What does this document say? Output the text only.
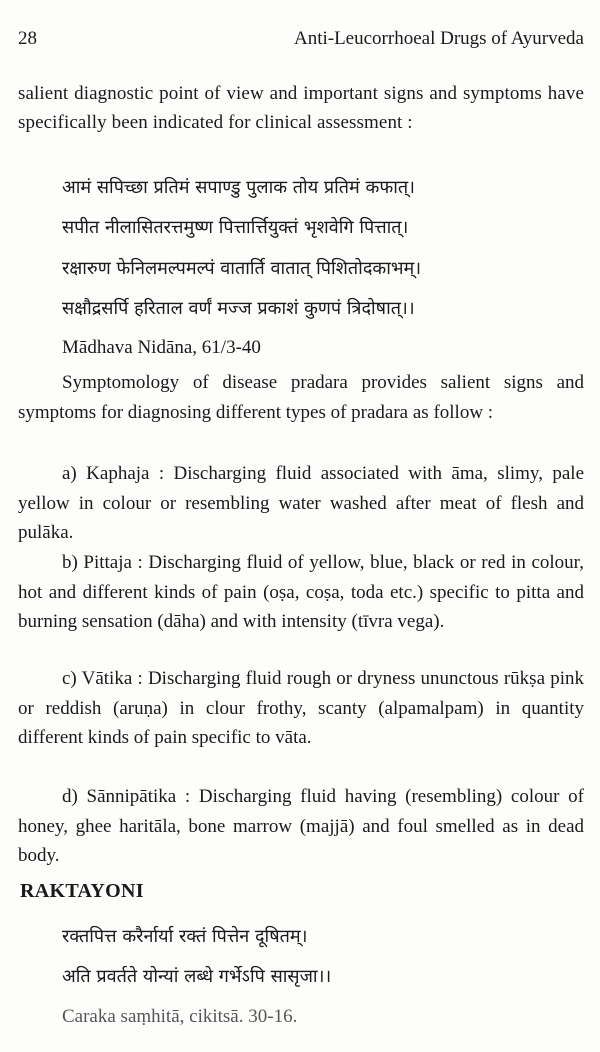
28	Anti-Leucorrhoeal Drugs of Ayurveda
salient diagnostic point of view and important signs and symptoms have specifically been indicated for clinical assessment :
आमं सपिच्छा प्रतिमं सपाण्डु पुलाक तोय प्रतिमं कफात्।
सपीत नीलासितरत्तमुष्ण पित्तार्त्तियुक्तं भृशवेगि पित्तात्।
रक्षारुण फेनिलमल्पमल्पं वातार्ति वातात् पिशितोदकाभम्।
सक्षौद्रसर्पि हरिताल वर्णं मज्ज प्रकाशं कुणपं त्रिदोषात्।।
Mādhava Nidāna, 61/3-40
Symptomology of disease pradara provides salient signs and symptoms for diagnosing different types of pradara as follow :
a) Kaphaja : Discharging fluid associated with āma, slimy, pale yellow in colour or resembling water washed after meat of flesh and pulāka.
b) Pittaja : Discharging fluid of yellow, blue, black or red in colour, hot and different kinds of pain (oṣa, coṣa, toda etc.) specific to pitta and burning sensation (dāha) and with intensity (tīvra vega).
c) Vātika : Discharging fluid rough or dryness ununctous rūkṣa pink or reddish (aruṇa) in clour frothy, scanty (alpamalpam) in quantity different kinds of pain specific to vāta.
d) Sānnipātika : Discharging fluid having (resembling) colour of honey, ghee haritāla, bone marrow (majjā) and foul smelled as in dead body.
RAKTAYONI
रक्तपित्त करैर्नार्या रक्तं पित्तेन दूषितम्।
अति प्रवर्तते योन्यां लब्धे गर्भेऽपि सासृजा।।
Caraka saṃhitā, cikitsā. 30-16.
